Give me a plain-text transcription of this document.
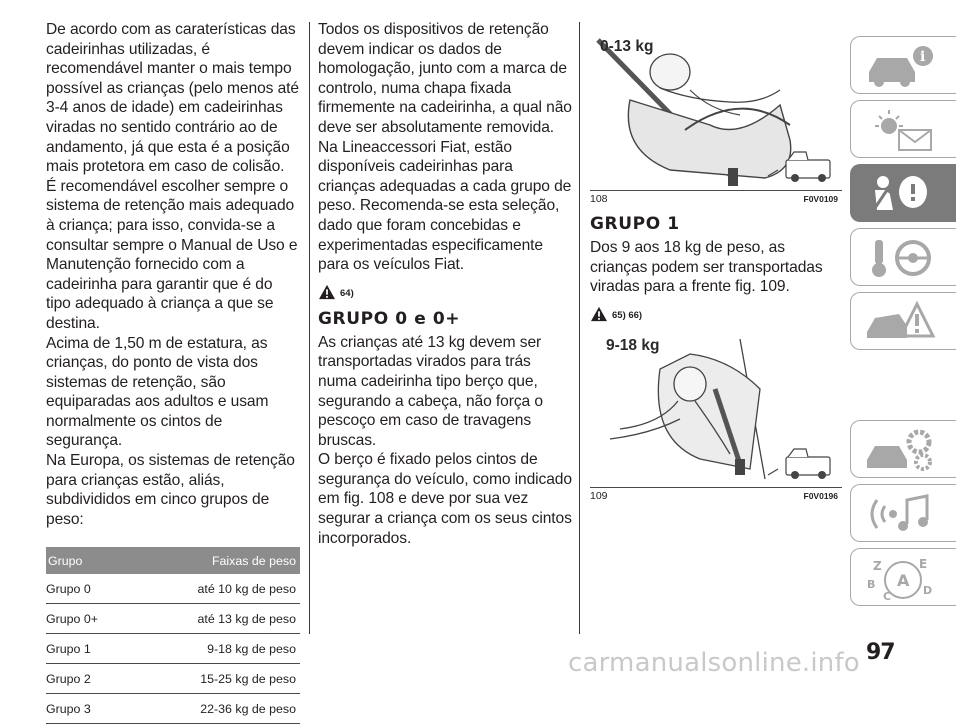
De acordo com as caraterísticas das cadeirinhas utilizadas, é recomendável manter o mais tempo possível as crianças (pelo menos até 3-4 anos de idade) em cadeirinhas viradas no sentido contrário ao de andamento, já que esta é a posição mais protetora em caso de colisão.

É recomendável escolher sempre o sistema de retenção mais adequado à criança; para isso, convida-se a consultar sempre o Manual de Uso e Manutenção fornecido com a cadeirinha para garantir que é do tipo adequado à criança a que se destina.

Acima de 1,50 m de estatura, as crianças, do ponto de vista dos sistemas de retenção, são equiparadas aos adultos e usam normalmente os cintos de segurança.

Na Europa, os sistemas de retenção para crianças estão, aliás, subdivididos em cinco grupos de peso:

Grupo	Faixas de peso
Grupo 0	até 10 kg de peso
Grupo 0+	até 13 kg de peso
Grupo 1	9-18 kg de peso
Grupo 2	15-25 kg de peso
Grupo 3	22-36 kg de peso

Todos os dispositivos de retenção devem indicar os dados de homologação, junto com a marca de controlo, numa chapa fixada firmemente na cadeirinha, a qual não deve ser absolutamente removida.

Na Lineaccessori Fiat, estão disponíveis cadeirinhas para crianças adequadas a cada grupo de peso. Recomenda-se esta seleção, dado que foram concebidas e experimentadas especificamente para os veículos Fiat.

64)
GRUPO 0 e 0+

As crianças até 13 kg devem ser transportadas virados para trás numa cadeirinha tipo berço que, segurando a cabeça, não força o pescoço em caso de travagens bruscas.

O berço é fixado pelos cintos de segurança do veículo, como indicado em fig. 108 e deve por sua vez segurar a criança com os seus cintos incorporados.

0-13 kg
108	F0V0109
GRUPO 1

Dos 9 aos 18 kg de peso, as crianças podem ser transportadas viradas para a frente fig. 109.

65) 66)
9-18 kg
109	F0V0196
i
Z	E
B A
C	D
97
carmanualsonline.info
